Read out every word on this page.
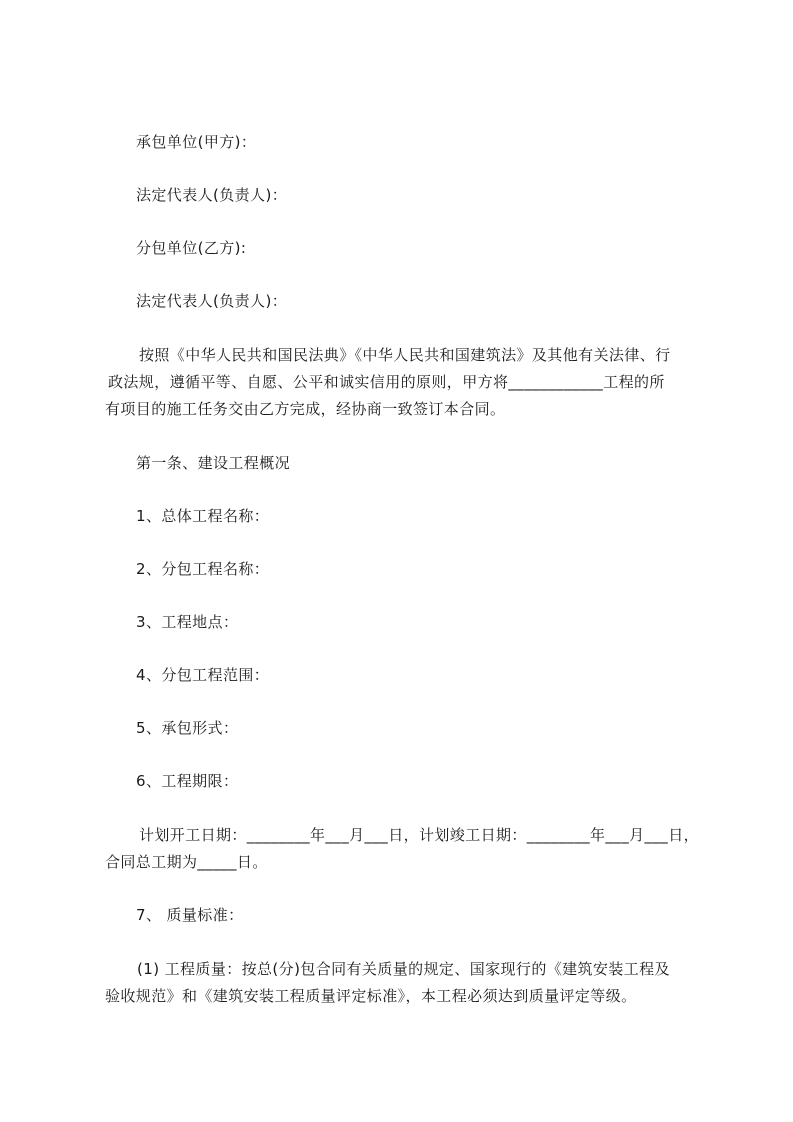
承包单位(甲方)：
法定代表人(负责人)：
分包单位(乙方):
法定代表人(负责人)：
按照《中华人民共和国民法典》《中华人民共和国建筑法》及其他有关法律、行
政法规，遵循平等、自愿、公平和诚实信用的原则，甲方将____________工程的所
有项目的施工任务交由乙方完成，经协商一致签订本合同。
第一条、建设工程概况
1、总体工程名称：
2、分包工程名称：
3、工程地点：
4、分包工程范围：
5、承包形式：
6、工程期限：
计划开工日期：________年___月___日，计划竣工日期：________年___月___日，
合同总工期为_____日。
7、 质量标准：
(1) 工程质量：按总(分)包合同有关质量的规定、国家现行的《建筑安装工程及
验收规范》和《建筑安装工程质量评定标准》，本工程必须达到质量评定等级。
